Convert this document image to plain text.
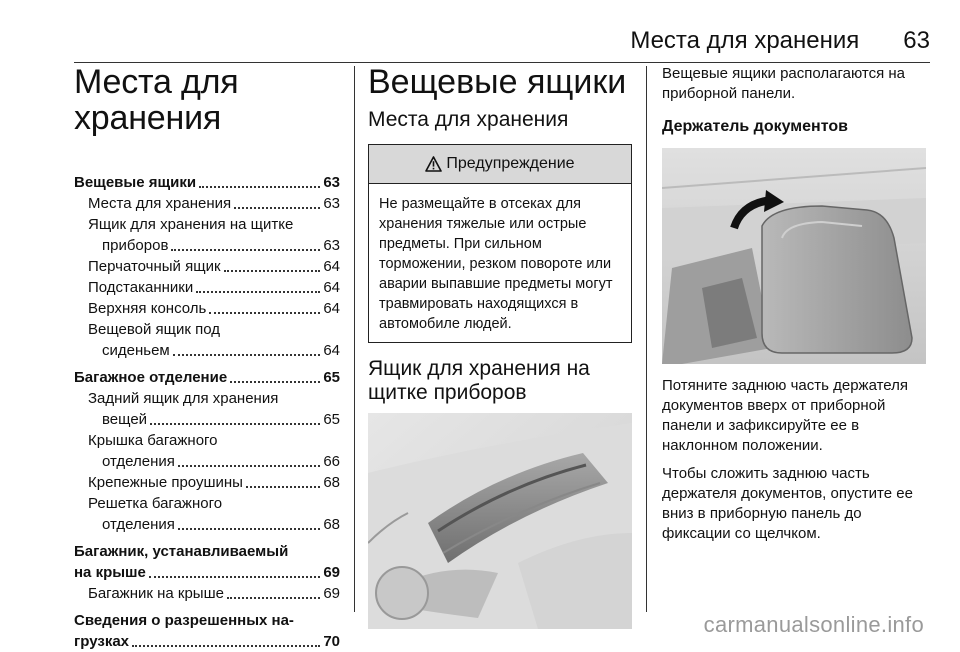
Места для хранения 63
Места для
хранения
Вещевые ящики	63
Места для хранения	63
Ящик для хранения на щитке
приборов	63
Перчаточный ящик	64
Подстаканники	64
Верхняя консоль	64
Вещевой ящик под
сиденьем	64
Багажное отделение	65
Задний ящик для хранения
вещей	65
Крышка багажного
отделения	66
Крепежные проушины	68
Решетка багажного
отделения	68
Багажник, устанавливаемый
на крыше	69
Багажник на крыше	69
Сведения о разрешенных на-
грузках	70
Вещевые ящики
Места для хранения
Предупреждение
Не размещайте в отсеках для хранения тяжелые или острые предметы. При сильном торможении, резком повороте или аварии выпавшие предметы могут травмировать находящихся в автомобиле людей.
Ящик для хранения на
щитке приборов

Вещевые ящики располагаются на приборной панели.

Держатель документов

Потяните заднюю часть держателя документов вверх от приборной панели и зафиксируйте ее в наклонном положении.

Чтобы сложить заднюю часть держателя документов, опустите ее вниз в приборную панель до фиксации со щелчком.

carmanualsonline.info
